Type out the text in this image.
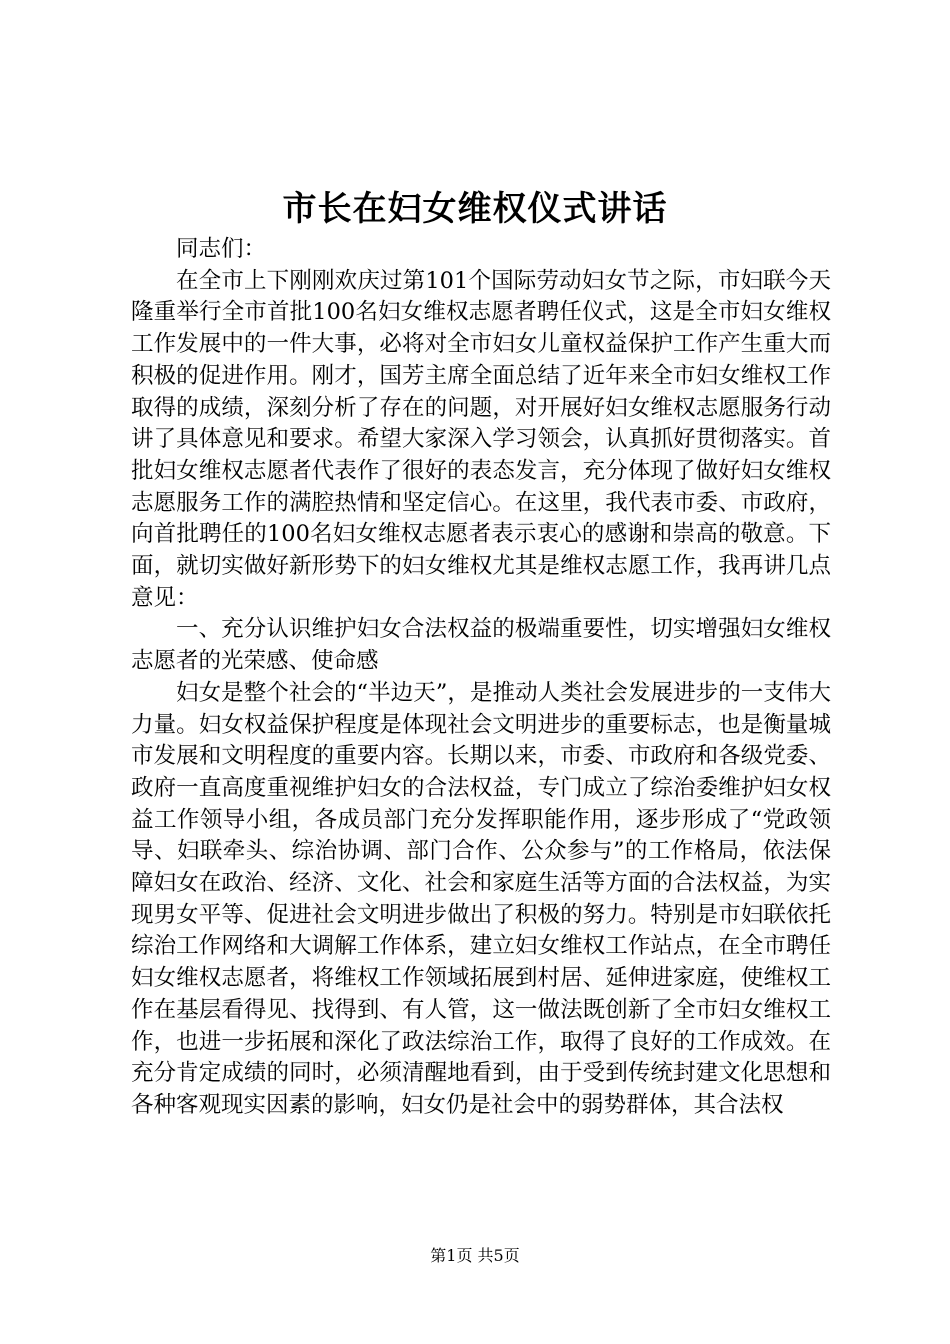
市长在妇女维权仪式讲话

同志们：

在全市上下刚刚欢庆过第101个国际劳动妇女节之际，市妇联今天隆重举行全市首批100名妇女维权志愿者聘任仪式，这是全市妇女维权工作发展中的一件大事，必将对全市妇女儿童权益保护工作产生重大而积极的促进作用。刚才，国芳主席全面总结了近年来全市妇女维权工作取得的成绩，深刻分析了存在的问题，对开展好妇女维权志愿服务行动讲了具体意见和要求。希望大家深入学习领会，认真抓好贯彻落实。首批妇女维权志愿者代表作了很好的表态发言，充分体现了做好妇女维权志愿服务工作的满腔热情和坚定信心。在这里，我代表市委、市政府，向首批聘任的100名妇女维权志愿者表示衷心的感谢和崇高的敬意。下面，就切实做好新形势下的妇女维权尤其是维权志愿工作，我再讲几点意见：

一、充分认识维护妇女合法权益的极端重要性，切实增强妇女维权志愿者的光荣感、使命感

妇女是整个社会的“半边天”，是推动人类社会发展进步的一支伟大力量。妇女权益保护程度是体现社会文明进步的重要标志，也是衡量城市发展和文明程度的重要内容。长期以来，市委、市政府和各级党委、政府一直高度重视维护妇女的合法权益，专门成立了综治委维护妇女权益工作领导小组，各成员部门充分发挥职能作用，逐步形成了“党政领导、妇联牵头、综治协调、部门合作、公众参与”的工作格局，依法保障妇女在政治、经济、文化、社会和家庭生活等方面的合法权益，为实现男女平等、促进社会文明进步做出了积极的努力。特别是市妇联依托综治工作网络和大调解工作体系，建立妇女维权工作站点，在全市聘任妇女维权志愿者，将维权工作领域拓展到村居、延伸进家庭，使维权工作在基层看得见、找得到、有人管，这一做法既创新了全市妇女维权工作，也进一步拓展和深化了政法综治工作，取得了良好的工作成效。在充分肯定成绩的同时，必须清醒地看到，由于受到传统封建文化思想和各种客观现实因素的影响，妇女仍是社会中的弱势群体，其合法权

第1页 共5页
